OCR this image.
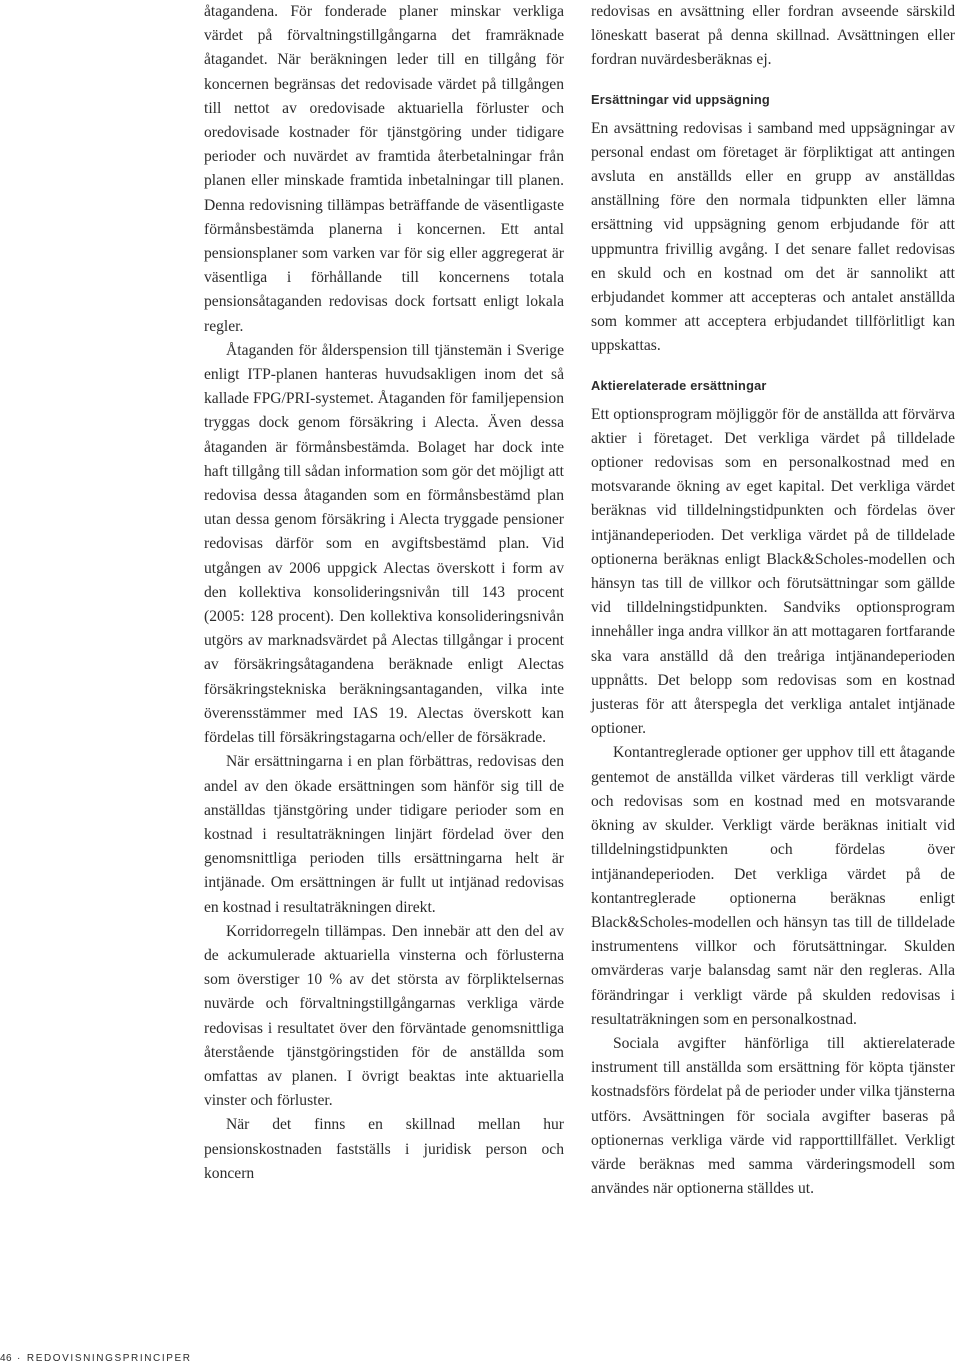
åtagandena. För fonderade planer minskar verkliga värdet på förvaltningstillgångarna det framräknade åtagandet. När beräkningen leder till en tillgång för koncernen begränsas det redovisade värdet på tillgången till nettot av oredovisade aktuariella förluster och oredovisade kostnader för tjänstgöring under tidigare perioder och nuvärdet av framtida återbetalningar från planen eller minskade framtida inbetalningar till planen. Denna redovisning tillämpas beträffande de väsentligaste förmånsbestämda planerna i koncernen. Ett antal pensionsplaner som varken var för sig eller aggregerat är väsentliga i förhållande till koncernens totala pensionsåtaganden redovisas dock fortsatt enligt lokala regler.

Åtaganden för ålderspension till tjänstemän i Sverige enligt ITP-planen hanteras huvudsakligen inom det så kallade FPG/PRI-systemet. Åtaganden för familjepension tryggas dock genom försäkring i Alecta. Även dessa åtaganden är förmånsbestämda. Bolaget har dock inte haft tillgång till sådan information som gör det möjligt att redovisa dessa åtaganden som en förmånsbestämd plan utan dessa genom försäkring i Alecta tryggade pensioner redovisas därför som en avgiftsbestämd plan. Vid utgången av 2006 uppgick Alectas överskott i form av den kollektiva konsolideringsnivån till 143 procent (2005: 128 procent). Den kollektiva konsolideringsnivån utgörs av marknadsvärdet på Alectas tillgångar i procent av försäkringsåtagandena beräknade enligt Alectas försäkringstekniska beräkningsantaganden, vilka inte överensstämmer med IAS 19. Alectas överskott kan fördelas till försäkringstagarna och/eller de försäkrade.

När ersättningarna i en plan förbättras, redovisas den andel av den ökade ersättningen som hänför sig till de anställdas tjänstgöring under tidigare perioder som en kostnad i resultaträkningen linjärt fördelad över den genomsnittliga perioden tills ersättningarna helt är intjänade. Om ersättningen är fullt ut intjänad redovisas en kostnad i resultaträkningen direkt.

Korridorregeln tillämpas. Den innebär att den del av de ackumulerade aktuariella vinsterna och förlusterna som överstiger 10 % av det största av förpliktelsernas nuvärde och förvaltningstillgångarnas verkliga värde redovisas i resultatet över den förväntade genomsnittliga återstående tjänstgöringstiden för de anställda som omfattas av planen. I övrigt beaktas inte aktuariella vinster och förluster.

När det finns en skillnad mellan hur pensionskostnaden fastställs i juridisk person och koncern

redovisas en avsättning eller fordran avseende särskild löneskatt baserat på denna skillnad. Avsättningen eller fordran nuvärdesberäknas ej.

Ersättningar vid uppsägning

En avsättning redovisas i samband med uppsägningar av personal endast om företaget är förpliktigat att antingen avsluta en anställds eller en grupp av anställdas anställning före den normala tidpunkten eller lämna ersättning vid uppsägning genom erbjudande för att uppmuntra frivillig avgång. I det senare fallet redovisas en skuld och en kostnad om det är sannolikt att erbjudandet kommer att accepteras och antalet anställda som kommer att acceptera erbjudandet tillförlitligt kan uppskattas.

Aktierelaterade ersättningar

Ett optionsprogram möjliggör för de anställda att förvärva aktier i företaget. Det verkliga värdet på tilldelade optioner redovisas som en personalkostnad med en motsvarande ökning av eget kapital. Det verkliga värdet beräknas vid tilldelningstidpunkten och fördelas över intjänandeperioden. Det verkliga värdet på de tilldelade optionerna beräknas enligt Black&Scholes-modellen och hänsyn tas till de villkor och förutsättningar som gällde vid tilldelningstidpunkten. Sandviks optionsprogram innehåller inga andra villkor än att mottagaren fortfarande ska vara anställd då den treåriga intjänandeperioden uppnåtts. Det belopp som redovisas som en kostnad justeras för att återspegla det verkliga antalet intjänade optioner.

Kontantreglerade optioner ger upphov till ett åtagande gentemot de anställda vilket värderas till verkligt värde och redovisas som en kostnad med en motsvarande ökning av skulder. Verkligt värde beräknas initialt vid tilldelningstidpunkten och fördelas över intjänandeperioden. Det verkliga värdet på de kontantreglerade optionerna beräknas enligt Black&Scholes-modellen och hänsyn tas till de tilldelade instrumentens villkor och förutsättningar. Skulden omvärderas varje balansdag samt när den regleras. Alla förändringar i verkligt värde på skulden redovisas i resultaträkningen som en personalkostnad.

Sociala avgifter hänförliga till aktierelaterade instrument till anställda som ersättning för köpta tjänster kostnadsförs fördelat på de perioder under vilka tjänsterna utförs. Avsättningen för sociala avgifter baseras på optionernas verkliga värde vid rapporttillfället. Verkligt värde beräknas med samma värderingsmodell som användes när optionerna ställdes ut.

46 · REDOVISNINGSPRINCIPER
